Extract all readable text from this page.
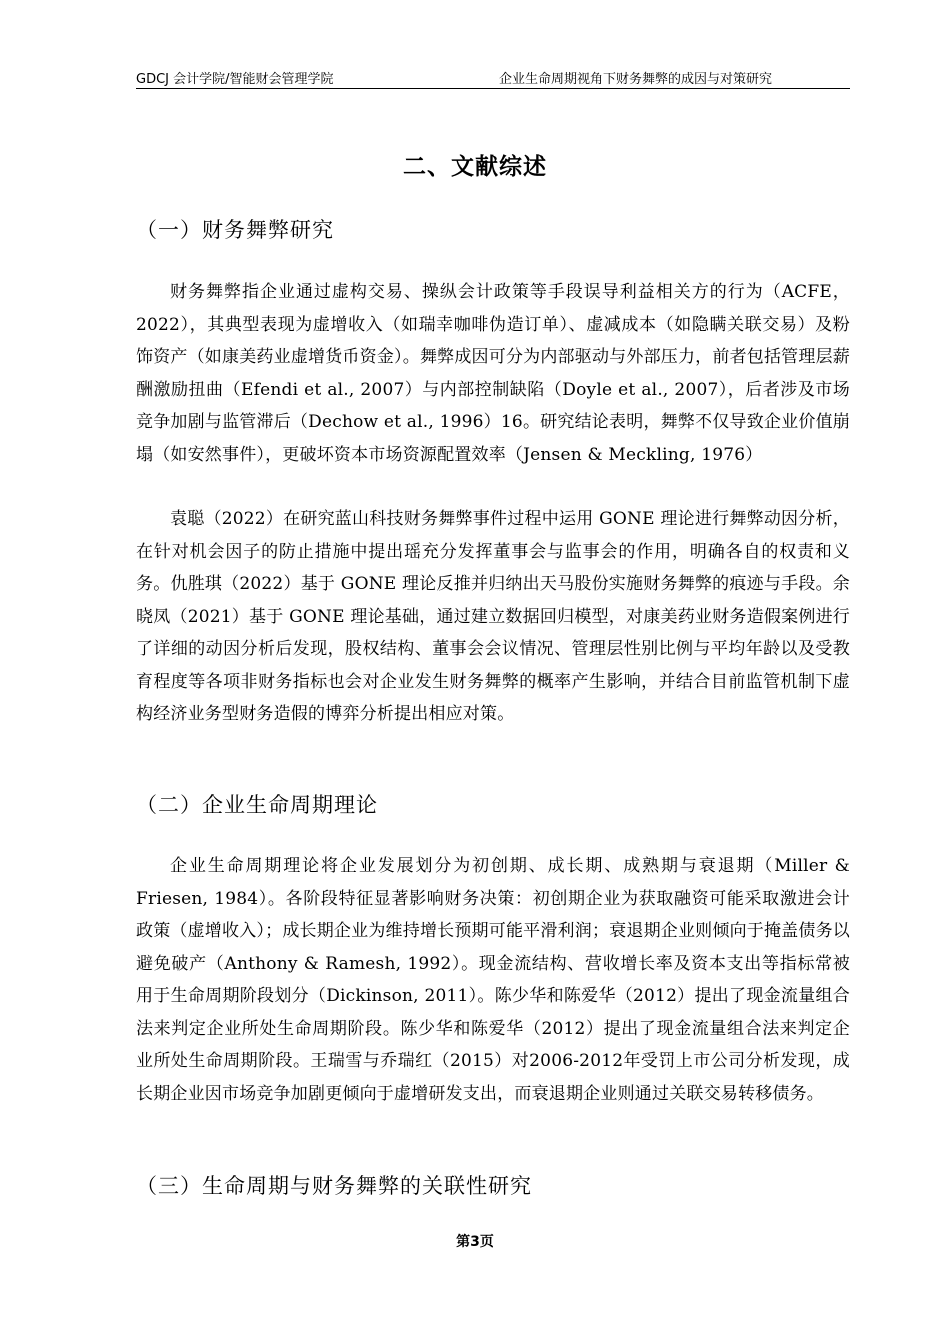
GDCJ 会计学院/智能财会管理学院	企业生命周期视角下财务舞弊的成因与对策研究
二、文献综述
（一）财务舞弊研究

财务舞弊指企业通过虚构交易、操纵会计政策等手段误导利益相关方的行为（ACFE，2022），其典型表现为虚增收入（如瑞幸咖啡伪造订单）、虚减成本（如隐瞒关联交易）及粉饰资产（如康美药业虚增货币资金）。舞弊成因可分为内部驱动与外部压力，前者包括管理层薪酬激励扭曲（Efendi et al., 2007）与内部控制缺陷（Doyle et al., 2007），后者涉及市场竞争加剧与监管滞后（Dechow et al., 1996）16。研究结论表明，舞弊不仅导致企业价值崩塌（如安然事件），更破坏资本市场资源配置效率（Jensen & Meckling, 1976）

袁聪（2022）在研究蓝山科技财务舞弊事件过程中运用 GONE 理论进行舞弊动因分析，在针对机会因子的防止措施中提出瑶充分发挥董事会与监事会的作用，明确各自的权责和义务。仇胜琪（2022）基于 GONE 理论反推并归纳出天马股份实施财务舞弊的痕迹与手段。余晓凤（2021）基于 GONE 理论基础，通过建立数据回归模型，对康美药业财务造假案例进行了详细的动因分析后发现，股权结构、董事会会议情况、管理层性别比例与平均年龄以及受教育程度等各项非财务指标也会对企业发生财务舞弊的概率产生影响，并结合目前监管机制下虚构经济业务型财务造假的博弈分析提出相应对策。

（二）企业生命周期理论

企业生命周期理论将企业发展划分为初创期、成长期、成熟期与衰退期（Miller & Friesen, 1984）。各阶段特征显著影响财务决策：初创期企业为获取融资可能采取激进会计政策（虚增收入）；成长期企业为维持增长预期可能平滑利润；衰退期企业则倾向于掩盖债务以避免破产（Anthony & Ramesh, 1992）。现金流结构、营收增长率及资本支出等指标常被用于生命周期阶段划分（Dickinson, 2011）。陈少华和陈爱华（2012）提出了现金流量组合法来判定企业所处生命周期阶段。陈少华和陈爱华（2012）提出了现金流量组合法来判定企业所处生命周期阶段。王瑞雪与乔瑞红（2015）对2006-2012年受罚上市公司分析发现，成长期企业因市场竞争加剧更倾向于虚增研发支出，而衰退期企业则通过关联交易转移债务。

（三）生命周期与财务舞弊的关联性研究
第3页
